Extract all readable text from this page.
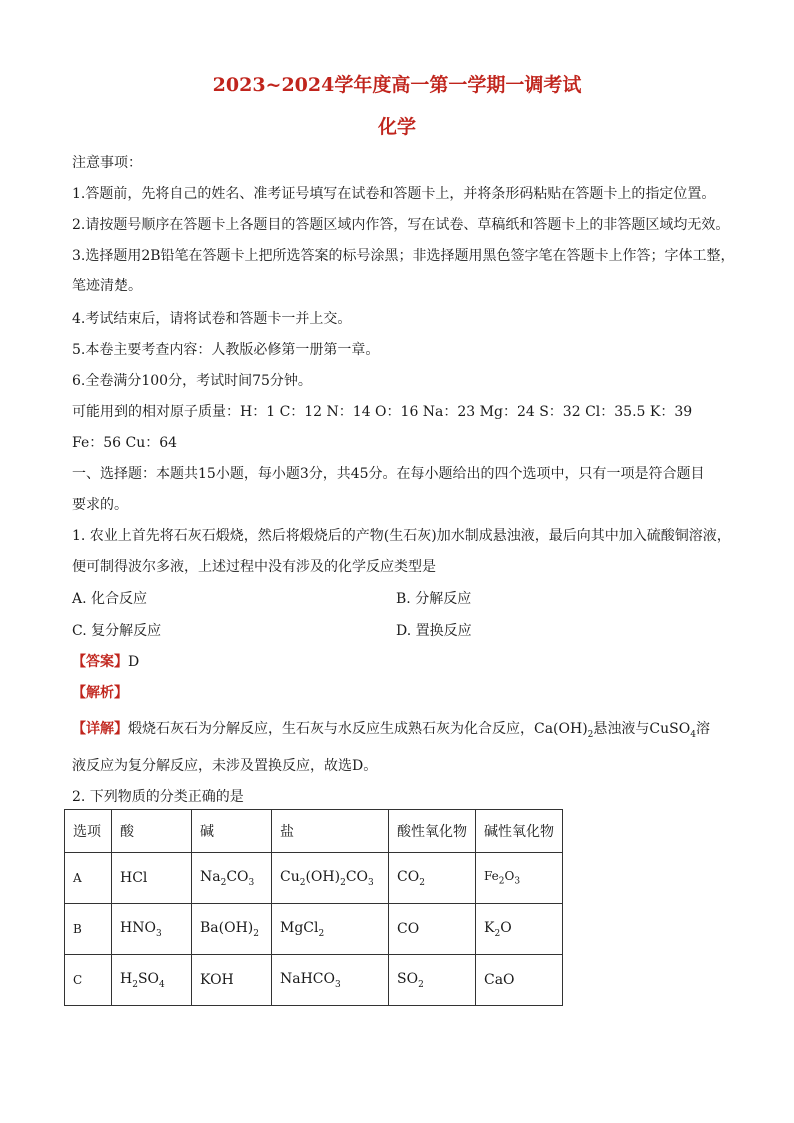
2023~2024学年度高一第一学期一调考试
化学
注意事项：
1.答题前，先将自己的姓名、准考证号填写在试卷和答题卡上，并将条形码粘贴在答题卡上的指定位置。
2.请按题号顺序在答题卡上各题目的答题区域内作答，写在试卷、草稿纸和答题卡上的非答题区域均无效。
3.选择题用2B铅笔在答题卡上把所选答案的标号涂黑；非选择题用黑色签字笔在答题卡上作答；字体工整，
笔迹清楚。
4.考试结束后，请将试卷和答题卡一并上交。
5.本卷主要考查内容：人教版必修第一册第一章。
6.全卷满分100分，考试时间75分钟。
可能用到的相对原子质量：H：1 C：12 N：14 O：16 Na：23 Mg：24 S：32 Cl：35.5 K：39
Fe：56 Cu：64
一、选择题：本题共15小题，每小题3分，共45分。在每小题给出的四个选项中，只有一项是符合题目
要求的。
1. 农业上首先将石灰石煅烧，然后将煅烧后的产物(生石灰)加水制成悬浊液，最后向其中加入硫酸铜溶液，
便可制得波尔多液，上述过程中没有涉及的化学反应类型是
A. 化合反应	B. 分解反应
C. 复分解反应	D. 置换反应
【答案】D
【解析】
【详解】煅烧石灰石为分解反应，生石灰与水反应生成熟石灰为化合反应，$Ca(OH)_2$悬浊液与CuSO$_4$溶
液反应为复分解反应，未涉及置换反应，故选D。
2. 下列物质的分类正确的是
选项	酸	碱	盐	酸性氧化物	碱性氧化物
A	HCl	$Na_2CO_3$	$Cu_2(OH)_2CO_3$	$CO_2$	$Fe_2O_3$
B	$HNO_3$	$Ba(OH)_2$	MgCl$_2$	CO	$K_2O$
C	$H_2SO_4$	KOH	NaHCO$_3$	$SO_2$	CaO
